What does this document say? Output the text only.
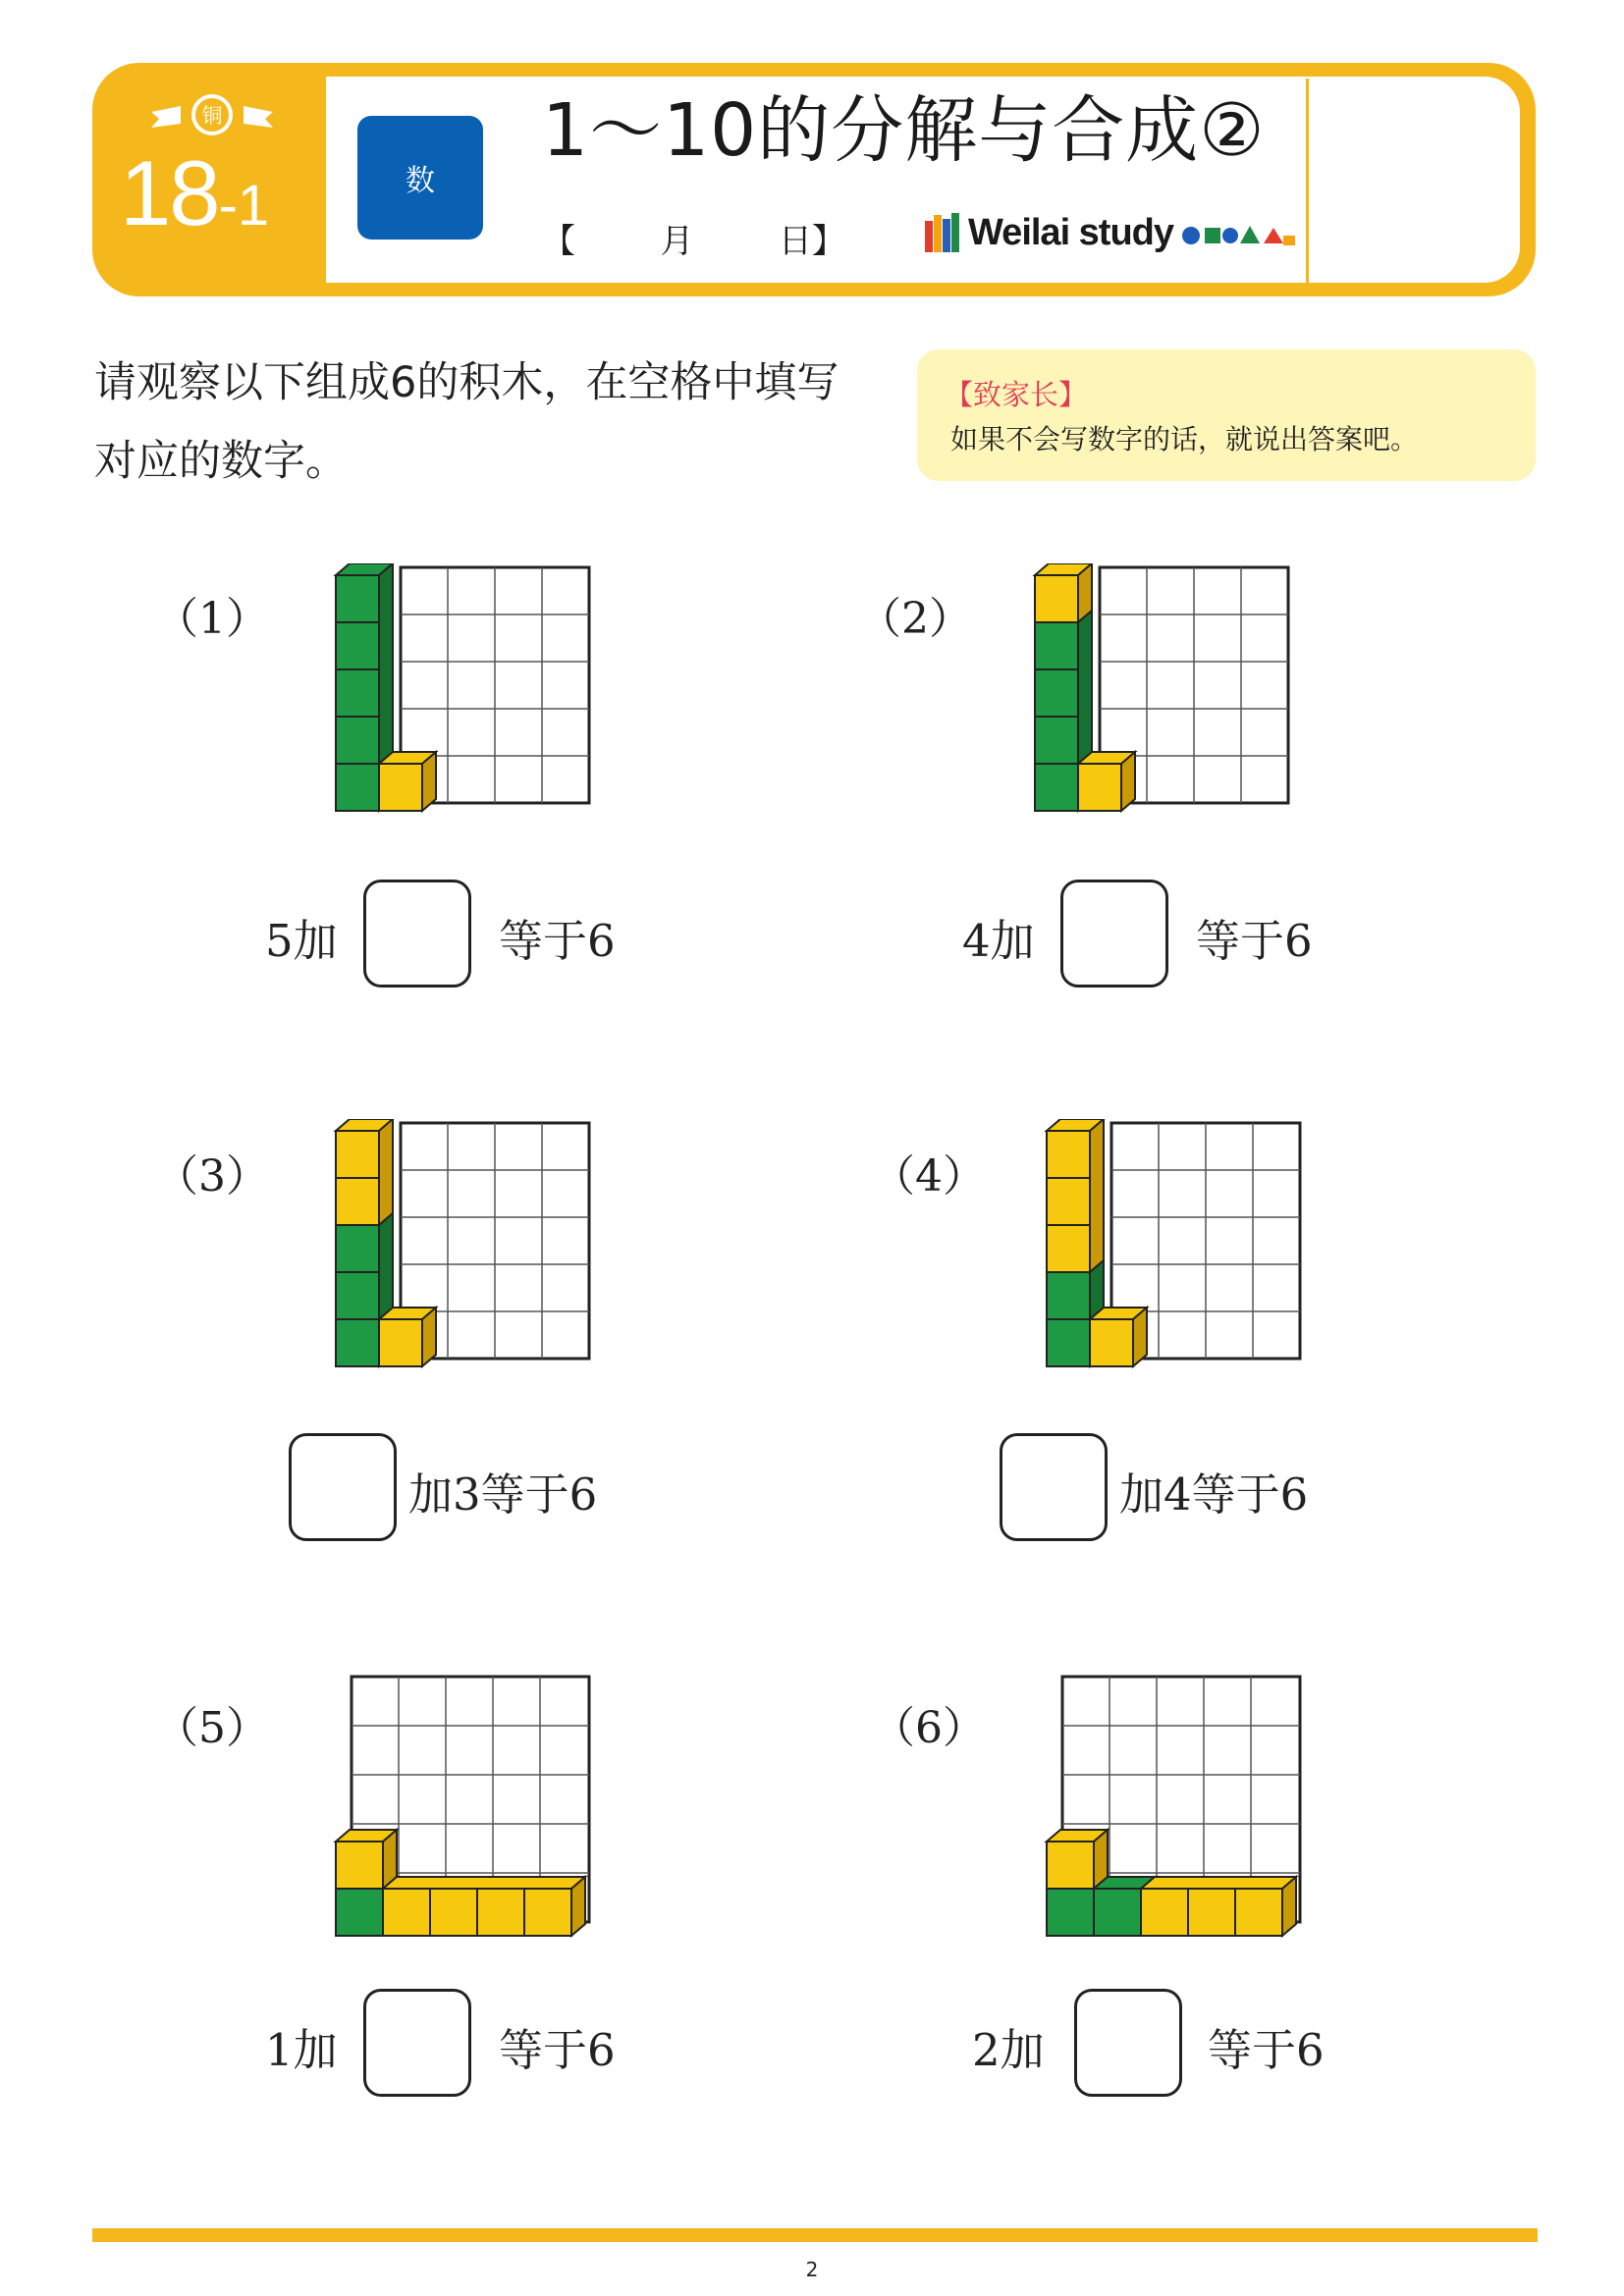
铜
18-1	数
1～10的分解与合成②
【        月        日】	Weilai study
请观察以下组成6的积木，在空格中填写对应的数字。
【致家长】
如果不会写数字的话，就说出答案吧。
（1）
5加	等于6
（2）
4加	等于6
（3）
加3等于6
（4）
加4等于6
（5）
1加	等于6
（6）
2加	等于6
2
